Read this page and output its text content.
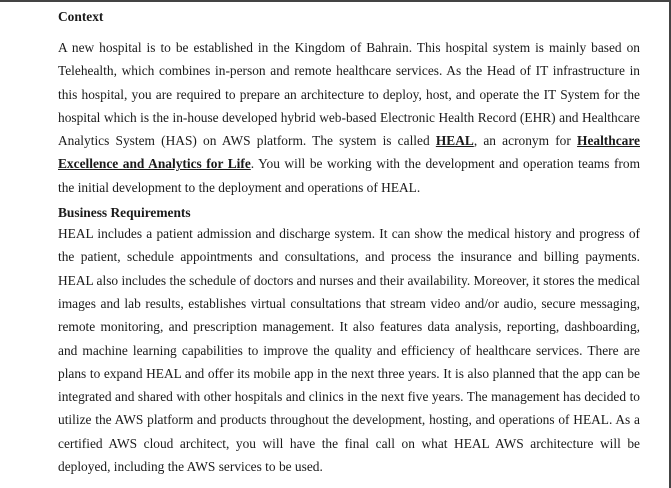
Context

A new hospital is to be established in the Kingdom of Bahrain. This hospital system is mainly based on Telehealth, which combines in-person and remote healthcare services. As the Head of IT infrastructure in this hospital, you are required to prepare an architecture to deploy, host, and operate the IT System for the hospital which is the in-house developed hybrid web-based Electronic Health Record (EHR) and Healthcare Analytics System (HAS) on AWS platform. The system is called HEAL, an acronym for Healthcare Excellence and Analytics for Life. You will be working with the development and operation teams from the initial development to the deployment and operations of HEAL.

Business Requirements

HEAL includes a patient admission and discharge system. It can show the medical history and progress of the patient, schedule appointments and consultations, and process the insurance and billing payments. HEAL also includes the schedule of doctors and nurses and their availability. Moreover, it stores the medical images and lab results, establishes virtual consultations that stream video and/or audio, secure messaging, remote monitoring, and prescription management. It also features data analysis, reporting, dashboarding, and machine learning capabilities to improve the quality and efficiency of healthcare services. There are plans to expand HEAL and offer its mobile app in the next three years. It is also planned that the app can be integrated and shared with other hospitals and clinics in the next five years. The management has decided to utilize the AWS platform and products throughout the development, hosting, and operations of HEAL. As a certified AWS cloud architect, you will have the final call on what HEAL AWS architecture will be deployed, including the AWS services to be used.
